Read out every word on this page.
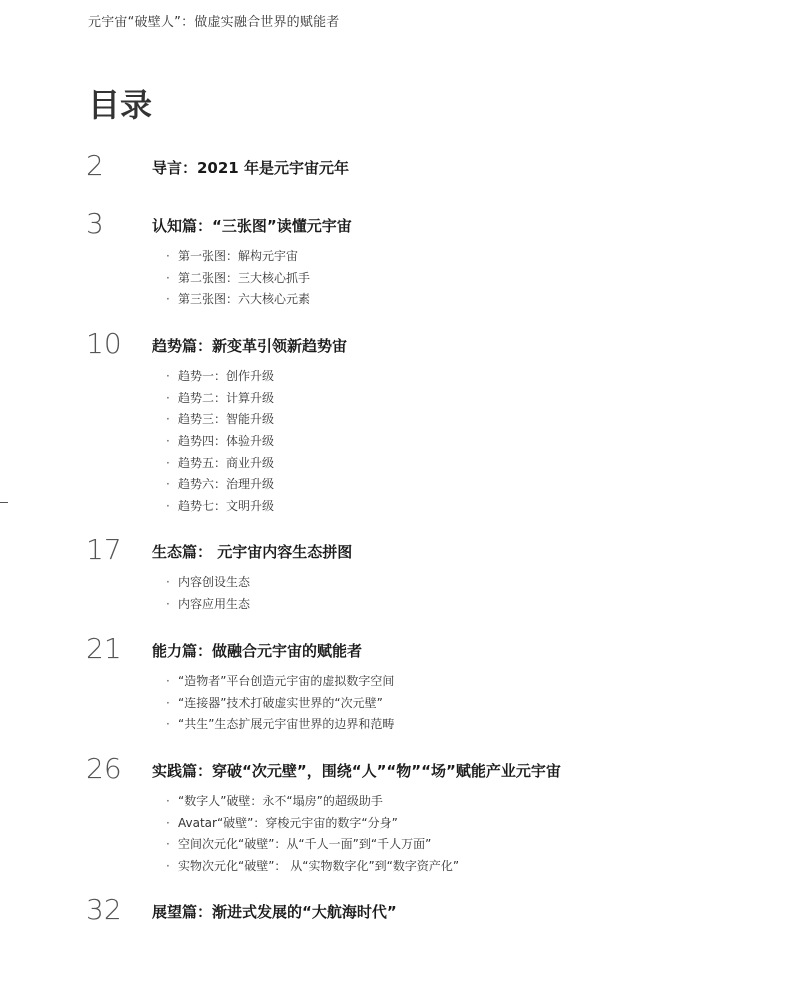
元宇宙“破壁人”：做虚实融合世界的赋能者
目录
2	导言：2021 年是元宇宙元年
3	认知篇：“三张图”读懂元宇宙
· 第一张图：解构元宇宙
· 第二张图：三大核心抓手
· 第三张图：六大核心元素
10 趋势篇：新变革引领新趋势宙
· 趋势一：创作升级
· 趋势二：计算升级
· 趋势三：智能升级
· 趋势四：体验升级
· 趋势五：商业升级
· 趋势六：治理升级
· 趋势七：文明升级
17 生态篇： 元宇宙内容生态拼图
· 内容创设生态
· 内容应用生态
21 能力篇：做融合元宇宙的赋能者
· “造物者”平台创造元宇宙的虚拟数字空间
· “连接器”技术打破虚实世界的“次元壁”
· “共生”生态扩展元宇宙世界的边界和范畴
26 实践篇：穿破“次元壁”，围绕“人”“物”“场”赋能产业元宇宙
· “数字人”破壁：永不“塌房”的超级助手
· Avatar“破壁”：穿梭元宇宙的数字“分身”
· 空间次元化“破壁”：从“千人一面”到“千人万面”
· 实物次元化“破壁”： 从“实物数字化”到“数字资产化”
32 展望篇：渐进式发展的“大航海时代”
